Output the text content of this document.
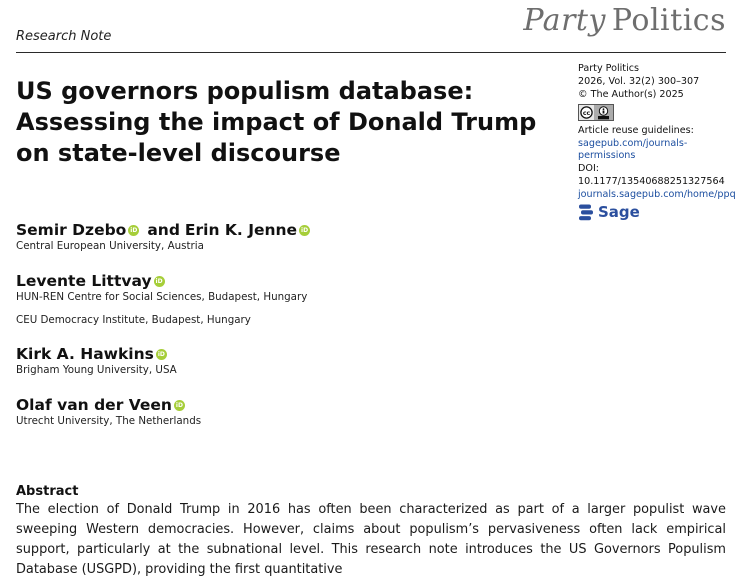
Party Politics
Research Note
US governors populism database: Assessing the impact of Donald Trump on state-level discourse
Party Politics
2026, Vol. 32(2) 300–307
© The Author(s) 2025
cc
Article reuse guidelines:
sagepub.com/journals-permissions
DOI: 10.1177/13540688251327564
journals.sagepub.com/home/ppq
Sage
Semir Dzebo iD and Erin K. Jenne iD
Central European University, Austria
Levente Littvay iD
HUN-REN Centre for Social Sciences, Budapest, Hungary
CEU Democracy Institute, Budapest, Hungary
Kirk A. Hawkins iD
Brigham Young University, USA
Olaf van der Veen iD
Utrecht University, The Netherlands
Abstract

The election of Donald Trump in 2016 has often been characterized as part of a larger populist wave sweeping Western democracies. However, claims about populism’s pervasiveness often lack empirical support, particularly at the subnational level. This research note introduces the US Governors Populism Database (USGPD), providing the first quantitative
